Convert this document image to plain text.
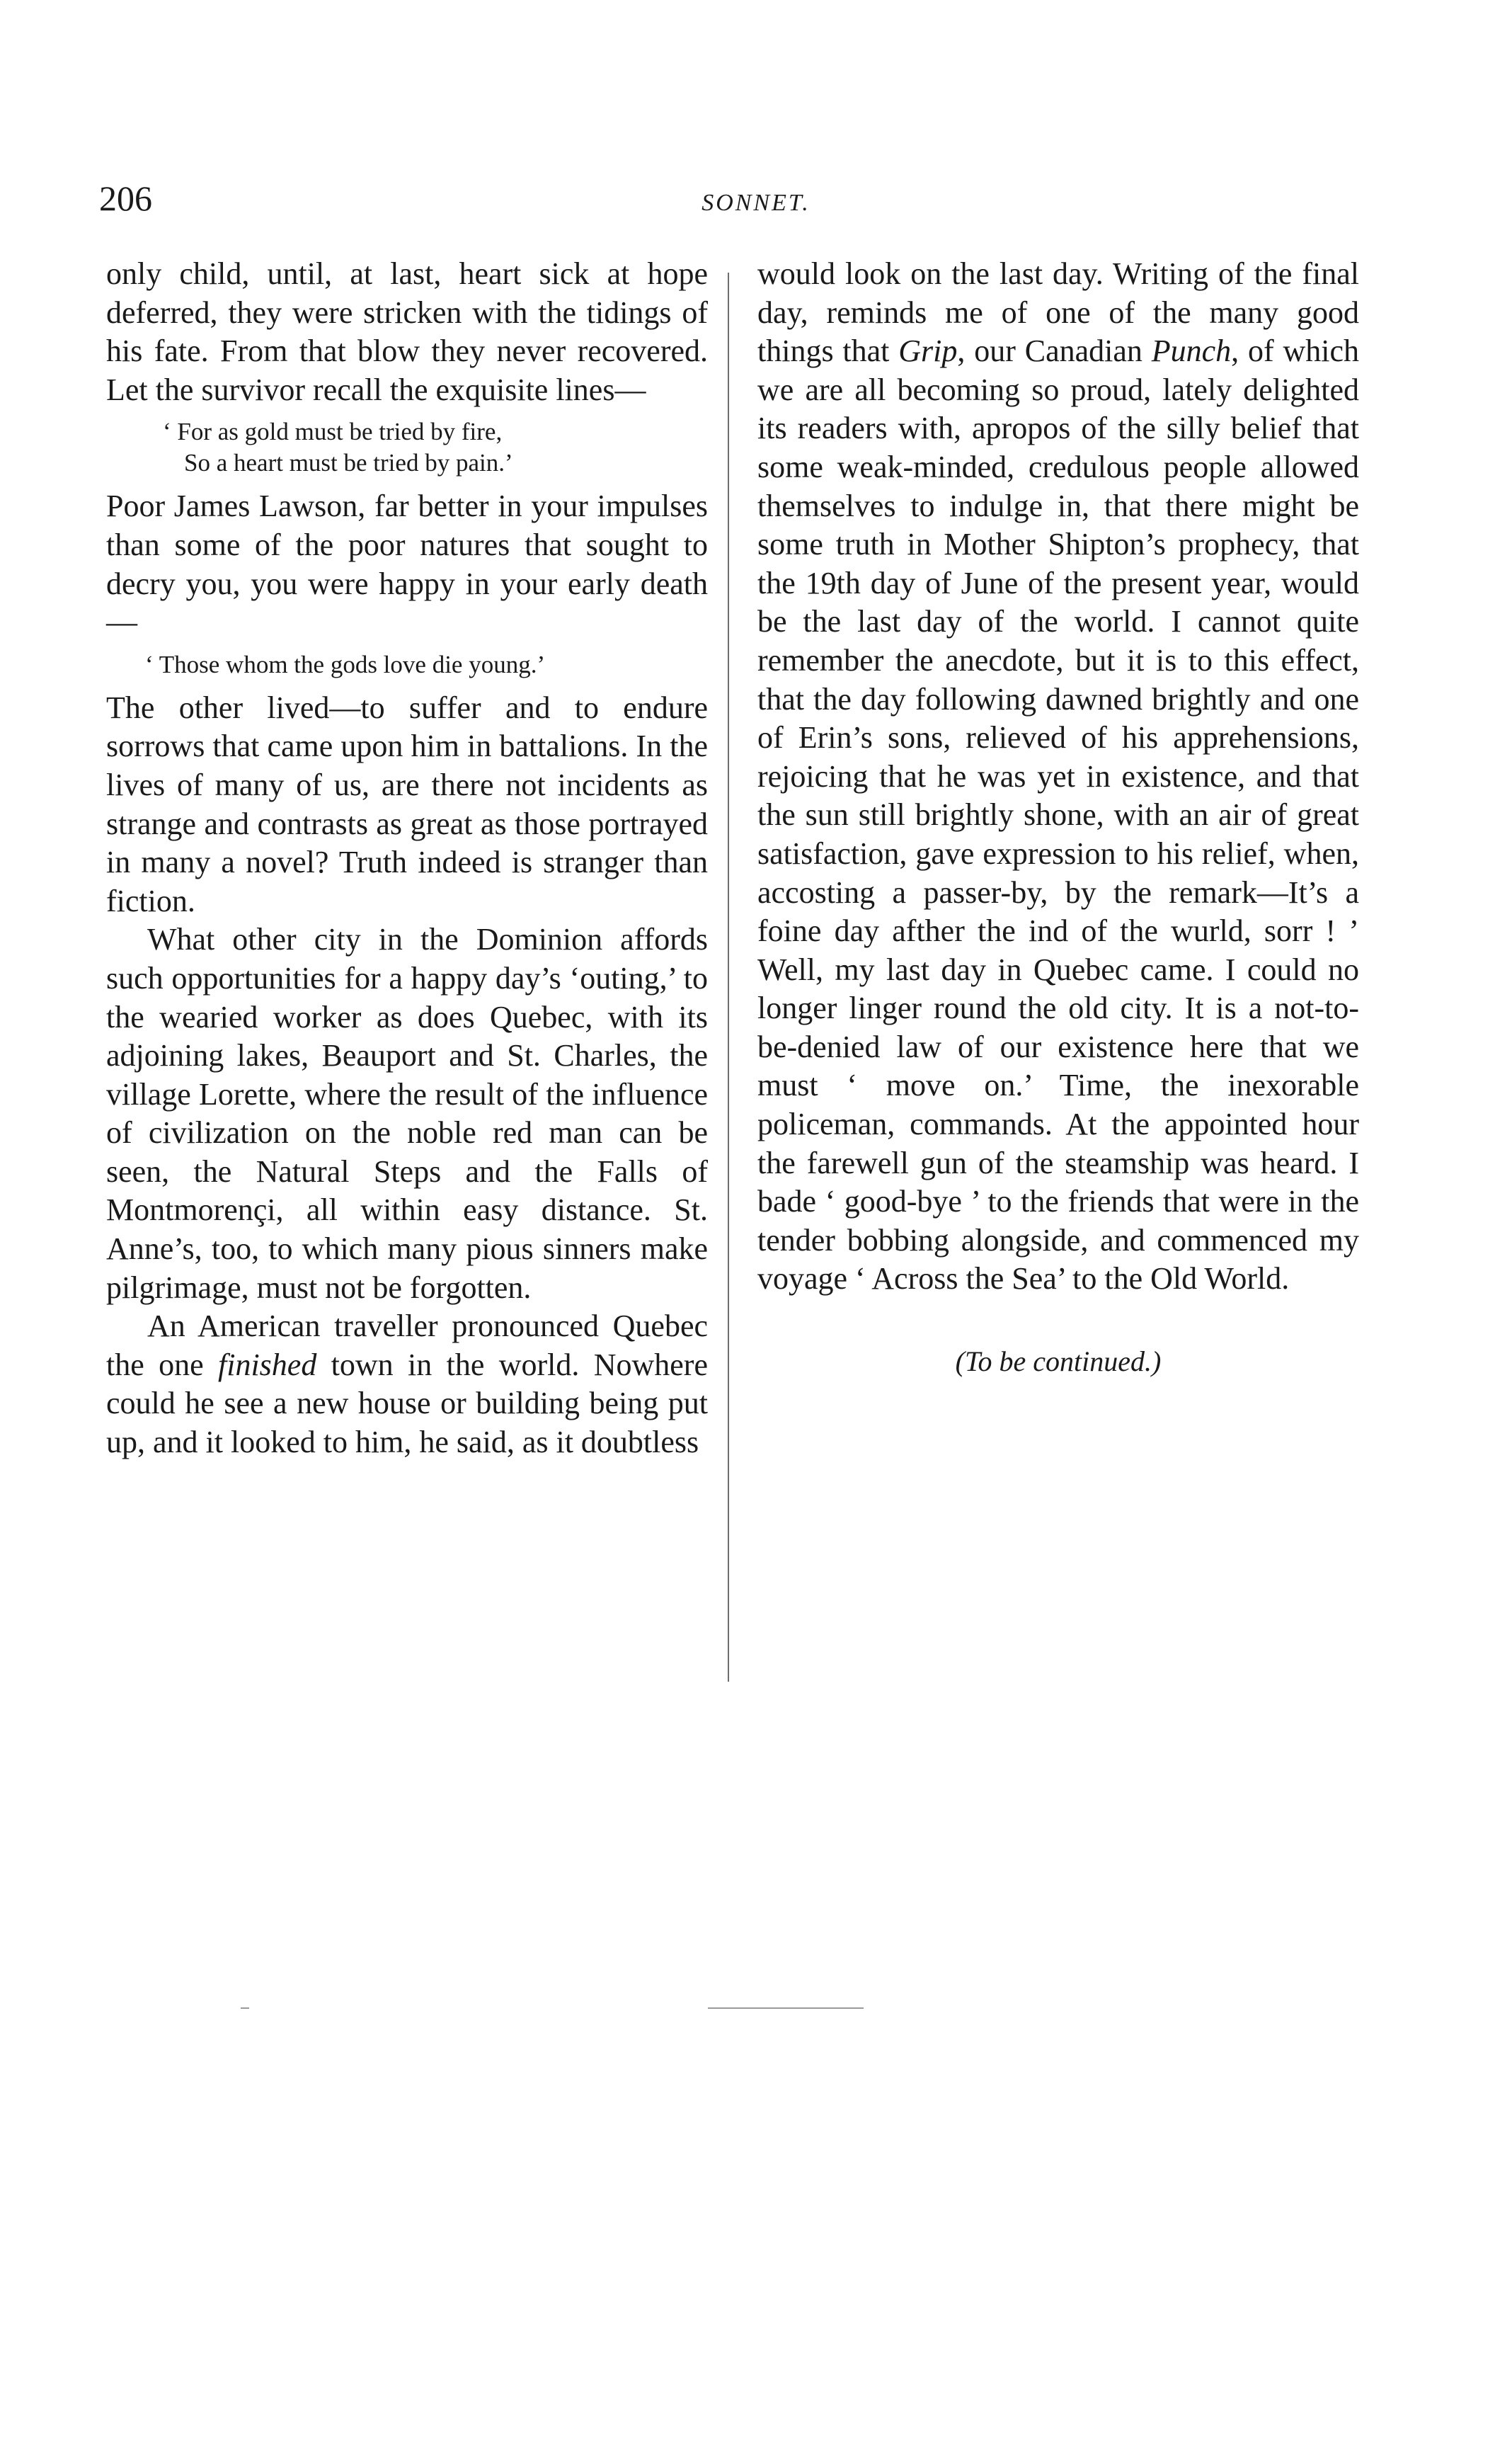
206	SONNET.

only child, until, at last, heart sick at hope deferred, they were stricken with the tidings of his fate. From that blow they never recovered. Let the survivor recall the exquisite lines—

‘ For as gold must be tried by fire,
So a heart must be tried by pain.’

Poor James Lawson, far better in your impulses than some of the poor natures that sought to decry you, you were happy in your early death—

‘ Those whom the gods love die young.’

The other lived—to suffer and to endure sorrows that came upon him in battalions. In the lives of many of us, are there not incidents as strange and contrasts as great as those portrayed in many a novel? Truth indeed is stranger than fiction.

What other city in the Dominion affords such opportunities for a happy day’s ‘outing,’ to the wearied worker as does Quebec, with its adjoining lakes, Beauport and St. Charles, the village Lorette, where the result of the influence of civilization on the noble red man can be seen, the Natural Steps and the Falls of Montmorençi, all within easy distance. St. Anne’s, too, to which many pious sinners make pilgrimage, must not be forgotten.

An American traveller pronounced Quebec the one finished town in the world. Nowhere could he see a new house or building being put up, and it looked to him, he said, as it doubtless

would look on the last day. Writing of the final day, reminds me of one of the many good things that Grip, our Canadian Punch, of which we are all becoming so proud, lately delighted its readers with, apropos of the silly belief that some weak-minded, credulous people allowed themselves to indulge in, that there might be some truth in Mother Shipton’s prophecy, that the 19th day of June of the present year, would be the last day of the world. I cannot quite remember the anecdote, but it is to this effect, that the day following dawned brightly and one of Erin’s sons, relieved of his apprehensions, rejoicing that he was yet in existence, and that the sun still brightly shone, with an air of great satisfaction, gave expression to his relief, when, accosting a passer-by, by the remark—It’s a foine day afther the ind of the wurld, sorr ! ’ Well, my last day in Quebec came. I could no longer linger round the old city. It is a not-to-be-denied law of our existence here that we must ‘ move on.’ Time, the inexorable policeman, commands. At the appointed hour the farewell gun of the steamship was heard. I bade ‘ good-bye ’ to the friends that were in the tender bobbing alongside, and commenced my voyage ‘ Across the Sea’ to the Old World.

(To be continued.)
